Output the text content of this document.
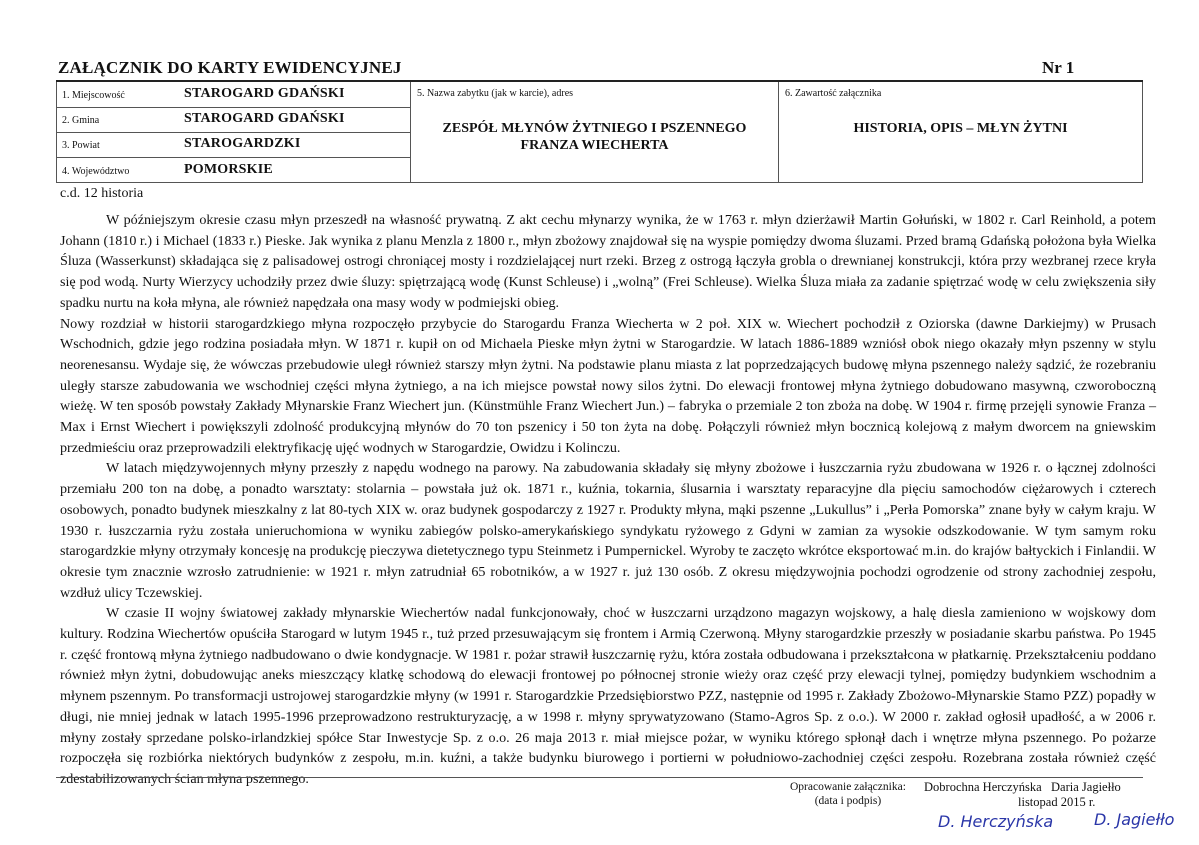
ZAŁĄCZNIK DO KARTY EWIDENCYJNEJ	Nr 1
1. Miejscowość	STAROGARD GDAŃSKI
2. Gmina	STAROGARD GDAŃSKI
3. Powiat	STAROGARDZKI
4. Województwo	POMORSKIE
5. Nazwa zabytku (jak w karcie), adres
ZESPÓŁ MŁYNÓW ŻYTNIEGO I PSZENNEGO
FRANZA WIECHERTA
6. Zawartość załącznika
HISTORIA, OPIS – MŁYN ŻYTNI
c.d. 12 historia

W późniejszym okresie czasu młyn przeszedł na własność prywatną. Z akt cechu młynarzy wynika, że w 1763 r. młyn dzierżawił Martin Gołuński, w 1802 r. Carl Reinhold, a potem Johann (1810 r.) i Michael (1833 r.) Pieske. Jak wynika z planu Menzla z 1800 r., młyn zbożowy znajdował się na wyspie pomiędzy dwoma śluzami. Przed bramą Gdańską położona była Wielka Śluza (Wasserkunst) składająca się z palisadowej ostrogi chroniącej mosty i rozdzielającej nurt rzeki. Brzeg z ostrogą łączyła grobla o drewnianej konstrukcji, która przy wezbranej rzece kryła się pod wodą. Nurty Wierzycy uchodziły przez dwie śluzy: spiętrzającą wodę (Kunst Schleuse) i „wolną” (Frei Schleuse). Wielka Śluza miała za zadanie spiętrzać wodę w celu zwiększenia siły spadku nurtu na koła młyna, ale również napędzała ona masy wody w podmiejski obieg.

Nowy rozdział w historii starogardzkiego młyna rozpoczęło przybycie do Starogardu Franza Wiecherta w 2 poł. XIX w. Wiechert pochodził z Oziorska (dawne Darkiejmy) w Prusach Wschodnich, gdzie jego rodzina posiadała młyn. W 1871 r. kupił on od Michaela Pieske młyn żytni w Starogardzie. W latach 1886-1889 wzniósł obok niego okazały młyn pszenny w stylu neorenesansu. Wydaje się, że wówczas przebudowie uległ również starszy młyn żytni. Na podstawie planu miasta z lat poprzedzających budowę młyna pszennego należy sądzić, że rozebraniu uległy starsze zabudowania we wschodniej części młyna żytniego, a na ich miejsce powstał nowy silos żytni. Do elewacji frontowej młyna żytniego dobudowano masywną, czworoboczną wieżę. W ten sposób powstały Zakłady Młynarskie Franz Wiechert jun. (Künstmühle Franz Wiechert Jun.) – fabryka o przemiale 2 ton zboża na dobę. W 1904 r. firmę przejęli synowie Franza – Max i Ernst Wiechert i powiększyli zdolność produkcyjną młynów do 70 ton pszenicy i 50 ton żyta na dobę. Połączyli również młyn bocznicą kolejową z małym dworcem na gniewskim przedmieściu oraz przeprowadzili elektryfikację ujęć wodnych w Starogardzie, Owidzu i Kolinczu.

W latach międzywojennych młyny przeszły z napędu wodnego na parowy. Na zabudowania składały się młyny zbożowe i łuszczarnia ryżu zbudowana w 1926 r. o łącznej zdolności przemiału 200 ton na dobę, a ponadto warsztaty: stolarnia – powstała już ok. 1871 r., kuźnia, tokarnia, ślusarnia i warsztaty reparacyjne dla pięciu samochodów ciężarowych i czterech osobowych, ponadto budynek mieszkalny z lat 80-tych XIX w. oraz budynek gospodarczy z 1927 r. Produkty młyna, mąki pszenne „Lukullus” i „Perła Pomorska” znane były w całym kraju. W 1930 r. łuszczarnia ryżu została unieruchomiona w wyniku zabiegów polsko-amerykańskiego syndykatu ryżowego z Gdyni w zamian za wysokie odszkodowanie. W tym samym roku starogardzkie młyny otrzymały koncesję na produkcję pieczywa dietetycznego typu Steinmetz i Pumpernickel. Wyroby te zaczęto wkrótce eksportować m.in. do krajów bałtyckich i Finlandii. W okresie tym znacznie wzrosło zatrudnienie: w 1921 r. młyn zatrudniał 65 robotników, a w 1927 r. już 130 osób. Z okresu międzywojnia pochodzi ogrodzenie od strony zachodniej zespołu, wzdłuż ulicy Tczewskiej.

W czasie II wojny światowej zakłady młynarskie Wiechertów nadal funkcjonowały, choć w łuszczarni urządzono magazyn wojskowy, a halę diesla zamieniono w wojskowy dom kultury. Rodzina Wiechertów opuściła Starogard w lutym 1945 r., tuż przed przesuwającym się frontem i Armią Czerwoną. Młyny starogardzkie przeszły w posiadanie skarbu państwa. Po 1945 r. część frontową młyna żytniego nadbudowano o dwie kondygnacje. W 1981 r. pożar strawił łuszczarnię ryżu, która została odbudowana i przekształcona w płatkarnię. Przekształceniu poddano również młyn żytni, dobudowując aneks mieszczący klatkę schodową do elewacji frontowej po północnej stronie wieży oraz część przy elewacji tylnej, pomiędzy budynkiem wschodnim a młynem pszennym. Po transformacji ustrojowej starogardzkie młyny (w 1991 r. Starogardzkie Przedsiębiorstwo PZZ, następnie od 1995 r. Zakłady Zbożowo-Młynarskie Stamo PZZ) popadły w długi, nie mniej jednak w latach 1995-1996 przeprowadzono restrukturyzację, a w 1998 r. młyny sprywatyzowano (Stamo-Agros Sp. z o.o.). W 2000 r. zakład ogłosił upadłość, a w 2006 r. młyny zostały sprzedane polsko-irlandzkiej spółce Star Inwestycje Sp. z o.o. 26 maja 2013 r. miał miejsce pożar, w wyniku którego spłonął dach i wnętrze młyna pszennego. Po pożarze rozpoczęła się rozbiórka niektórych budynków z zespołu, m.in. kuźni, a także budynku biurowego i portierni w południowo-zachodniej części zespołu. Rozebrana została również część zdestabilizowanych ścian młyna pszennego.

Opracowanie załącznika:
(data i podpis)
Dobrochna Herczyńska   Daria Jagiełło
listopad 2015 r.
D. Herczyńska	D. Jagiełło
